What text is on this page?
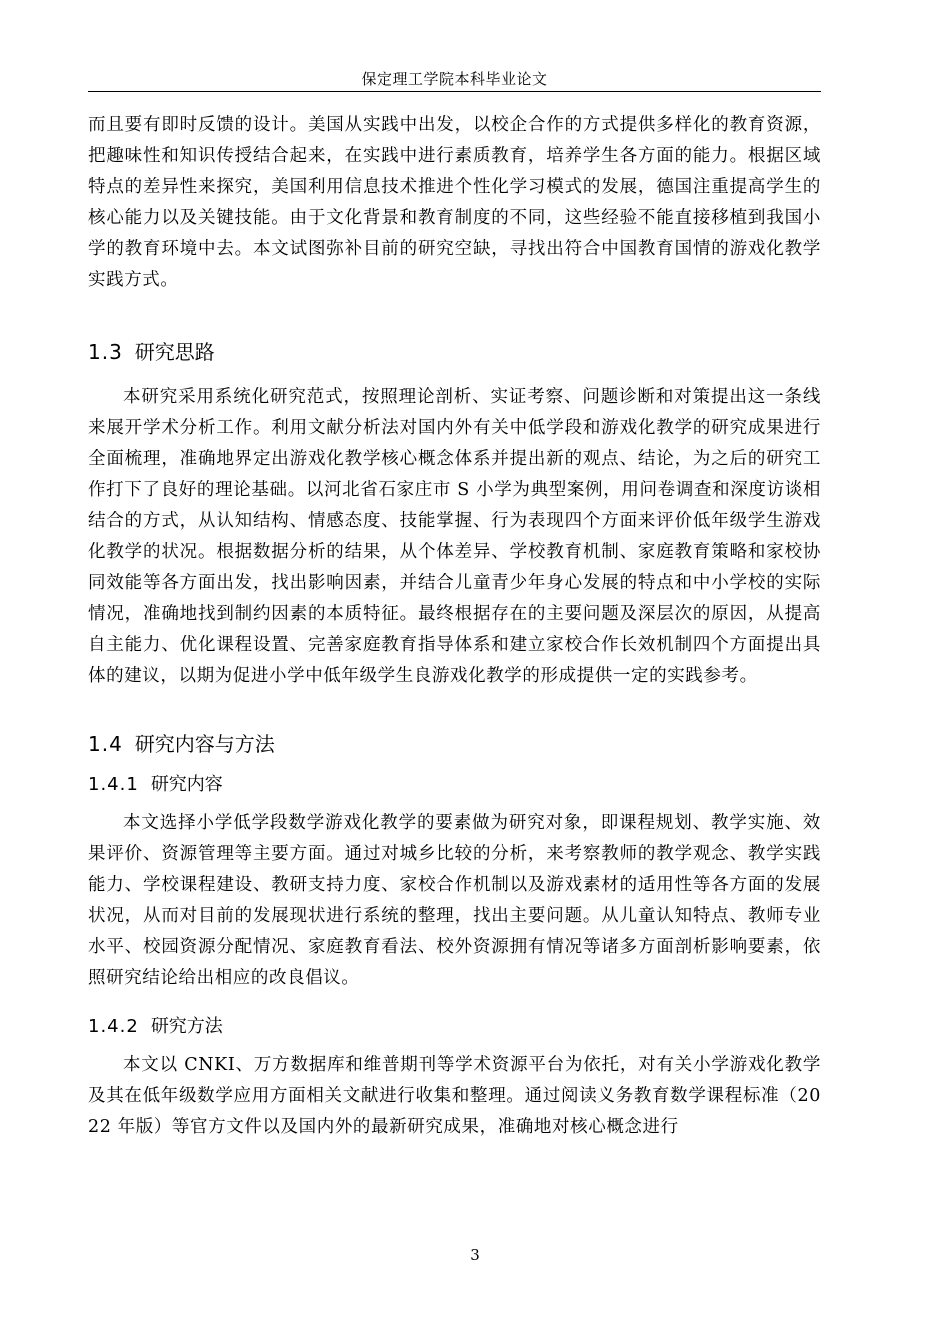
保定理工学院本科毕业论文

而且要有即时反馈的设计。美国从实践中出发，以校企合作的方式提供多样化的教育资源，把趣味性和知识传授结合起来，在实践中进行素质教育，培养学生各方面的能力。根据区域特点的差异性来探究，美国利用信息技术推进个性化学习模式的发展，德国注重提高学生的核心能力以及关键技能。由于文化背景和教育制度的不同，这些经验不能直接移植到我国小学的教育环境中去。本文试图弥补目前的研究空缺，寻找出符合中国教育国情的游戏化教学实践方式。

1.3 研究思路

本研究采用系统化研究范式，按照理论剖析、实证考察、问题诊断和对策提出这一条线来展开学术分析工作。利用文献分析法对国内外有关中低学段和游戏化教学的研究成果进行全面梳理，准确地界定出游戏化教学核心概念体系并提出新的观点、结论，为之后的研究工作打下了良好的理论基础。以河北省石家庄市 S 小学为典型案例，用问卷调查和深度访谈相结合的方式，从认知结构、情感态度、技能掌握、行为表现四个方面来评价低年级学生游戏化教学的状况。根据数据分析的结果，从个体差异、学校教育机制、家庭教育策略和家校协同效能等各方面出发，找出影响因素，并结合儿童青少年身心发展的特点和中小学校的实际情况，准确地找到制约因素的本质特征。最终根据存在的主要问题及深层次的原因，从提高自主能力、优化课程设置、完善家庭教育指导体系和建立家校合作长效机制四个方面提出具体的建议，以期为促进小学中低年级学生良游戏化教学的形成提供一定的实践参考。

1.4 研究内容与方法
1.4.1 研究内容

本文选择小学低学段数学游戏化教学的要素做为研究对象，即课程规划、教学实施、效果评价、资源管理等主要方面。通过对城乡比较的分析，来考察教师的教学观念、教学实践能力、学校课程建设、教研支持力度、家校合作机制以及游戏素材的适用性等各方面的发展状况，从而对目前的发展现状进行系统的整理，找出主要问题。从儿童认知特点、教师专业水平、校园资源分配情况、家庭教育看法、校外资源拥有情况等诸多方面剖析影响要素，依照研究结论给出相应的改良倡议。

1.4.2 研究方法

本文以 CNKI、万方数据库和维普期刊等学术资源平台为依托，对有关小学游戏化教学及其在低年级数学应用方面相关文献进行收集和整理。通过阅读义务教育数学课程标准（2022 年版）等官方文件以及国内外的最新研究成果，准确地对核心概念进行

3
